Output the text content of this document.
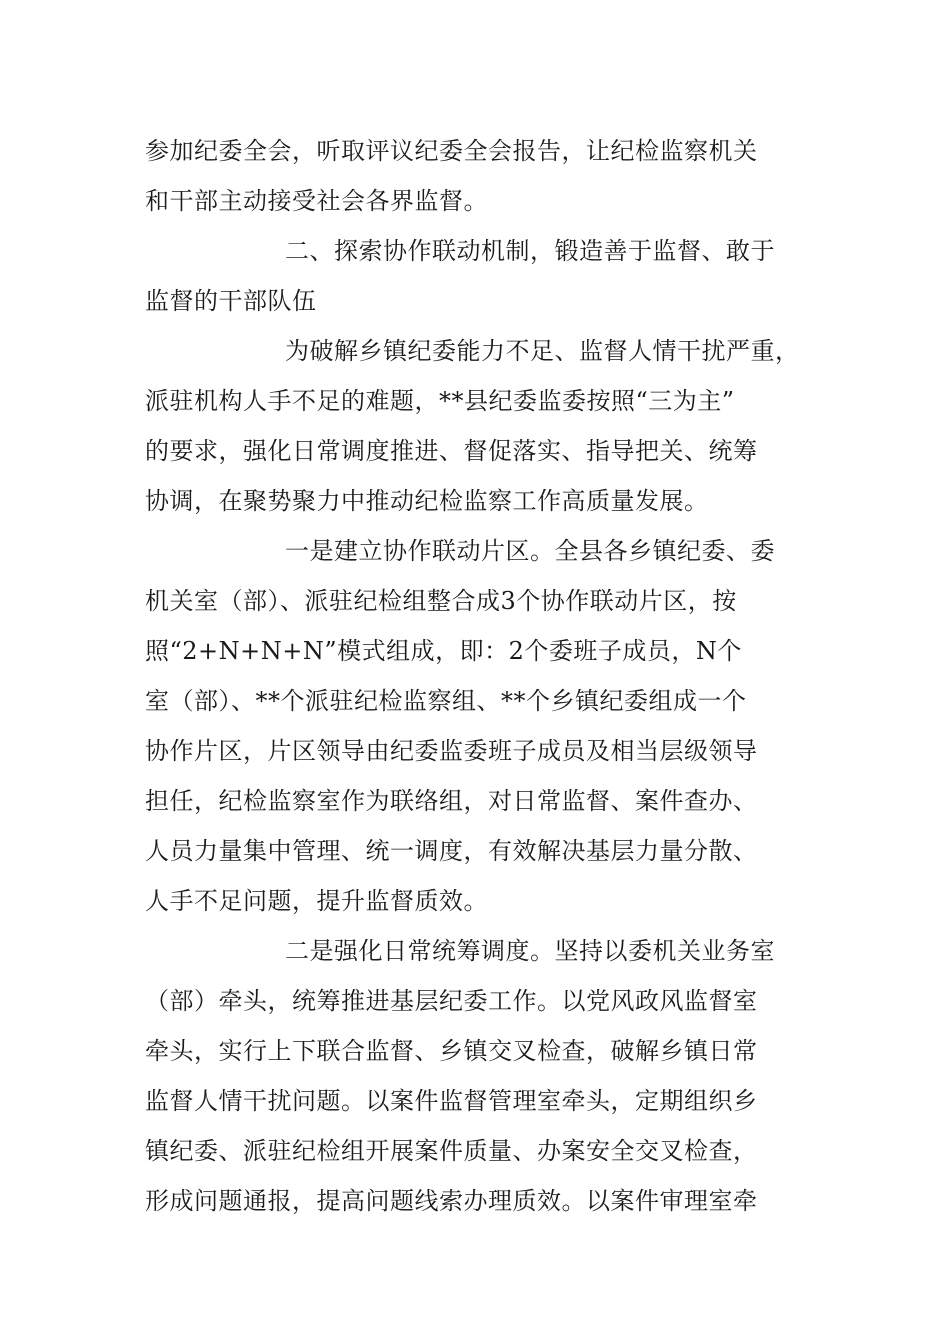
参加纪委全会，听取评议纪委全会报告，让纪检监察机关

和干部主动接受社会各界监督。

二、探索协作联动机制，锻造善于监督、敢于

监督的干部队伍

为破解乡镇纪委能力不足、监督人情干扰严重，

派驻机构人手不足的难题，**县纪委监委按照“三为主”

的要求，强化日常调度推进、督促落实、指导把关、统筹

协调，在聚势聚力中推动纪检监察工作高质量发展。

一是建立协作联动片区。全县各乡镇纪委、委

机关室（部）、派驻纪检组整合成3个协作联动片区，按

照“2+N+N+N”模式组成，即：2个委班子成员，N个

室（部）、**个派驻纪检监察组、**个乡镇纪委组成一个

协作片区，片区领导由纪委监委班子成员及相当层级领导

担任，纪检监察室作为联络组，对日常监督、案件查办、

人员力量集中管理、统一调度，有效解决基层力量分散、

人手不足问题，提升监督质效。

二是强化日常统筹调度。坚持以委机关业务室

（部）牵头，统筹推进基层纪委工作。以党风政风监督室

牵头，实行上下联合监督、乡镇交叉检查，破解乡镇日常

监督人情干扰问题。以案件监督管理室牵头，定期组织乡

镇纪委、派驻纪检组开展案件质量、办案安全交叉检查，

形成问题通报，提高问题线索办理质效。以案件审理室牵
